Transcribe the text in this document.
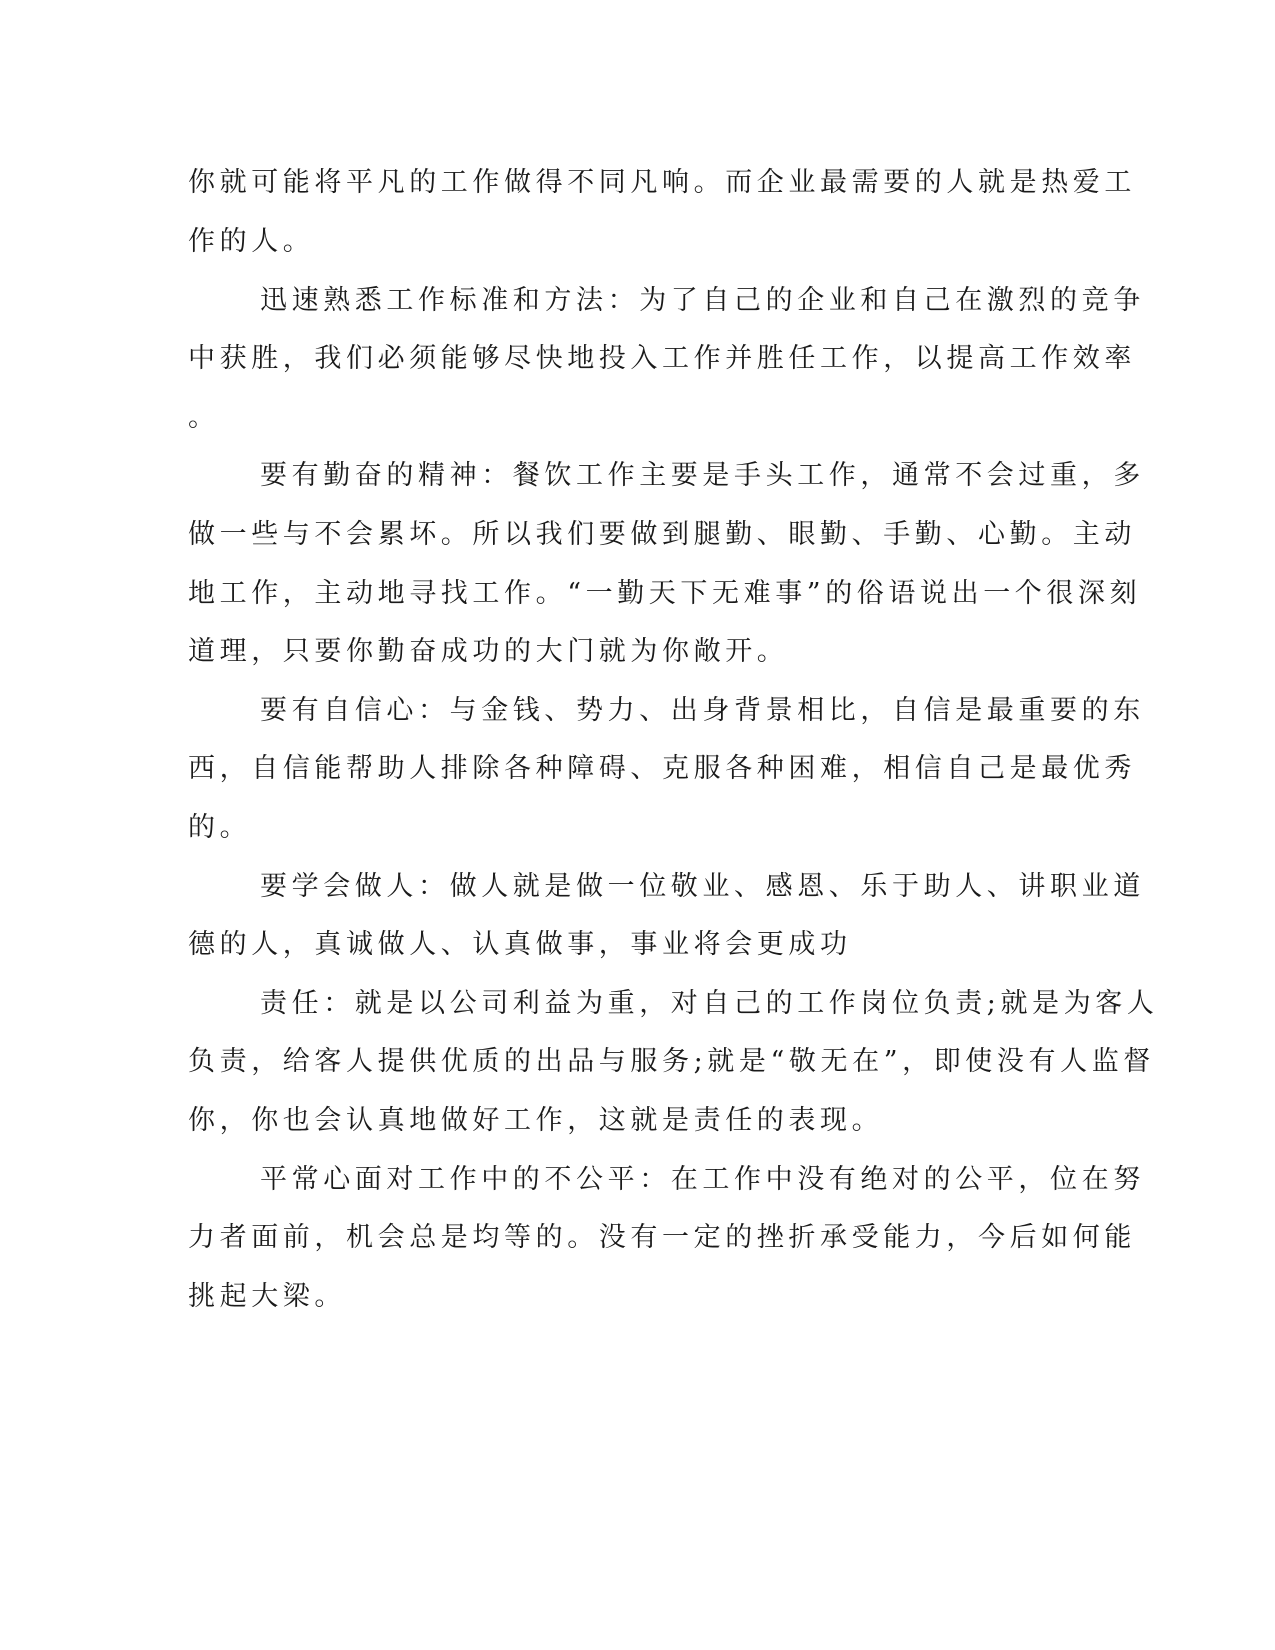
你就可能将平凡的工作做得不同凡响。而企业最需要的人就是热爱工
作的人。
迅速熟悉工作标准和方法：为了自己的企业和自己在激烈的竞争
中获胜，我们必须能够尽快地投入工作并胜任工作，以提高工作效率
。
要有勤奋的精神：餐饮工作主要是手头工作，通常不会过重，多
做一些与不会累坏。所以我们要做到腿勤、眼勤、手勤、心勤。主动
地工作，主动地寻找工作。“一勤天下无难事”的俗语说出一个很深刻
道理，只要你勤奋成功的大门就为你敞开。
要有自信心：与金钱、势力、出身背景相比，自信是最重要的东
西，自信能帮助人排除各种障碍、克服各种困难，相信自己是最优秀
的。
要学会做人：做人就是做一位敬业、感恩、乐于助人、讲职业道
德的人，真诚做人、认真做事，事业将会更成功
责任：就是以公司利益为重，对自己的工作岗位负责;就是为客人
负责，给客人提供优质的出品与服务;就是“敬无在”，即使没有人监督
你，你也会认真地做好工作，这就是责任的表现。
平常心面对工作中的不公平：在工作中没有绝对的公平，位在努
力者面前，机会总是均等的。没有一定的挫折承受能力，今后如何能
挑起大梁。
